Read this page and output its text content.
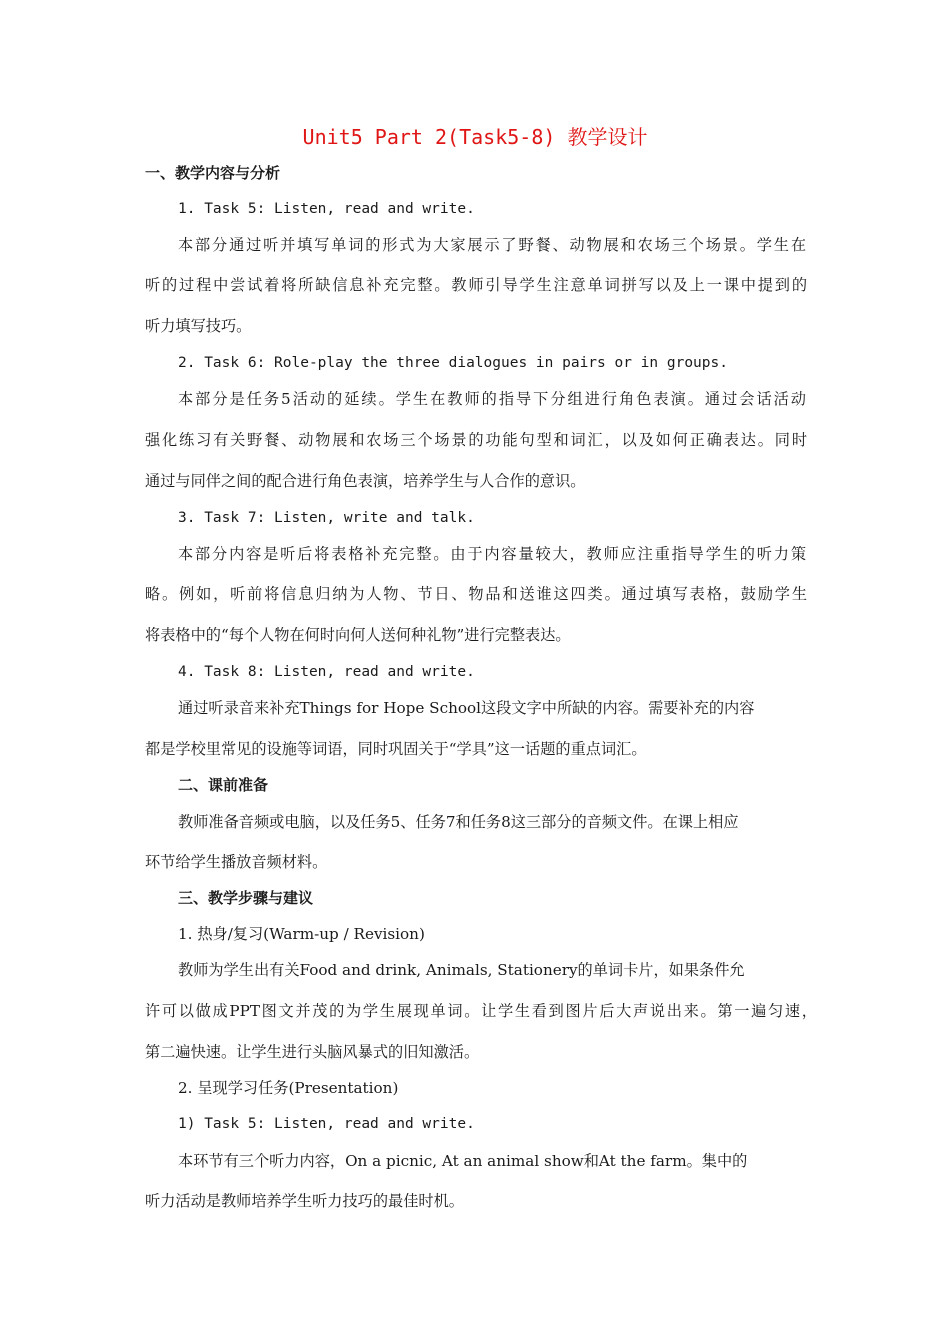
Unit5 Part 2(Task5-8) 教学设计
一、教学内容与分析
1. Task 5: Listen, read and write.
本部分通过听并填写单词的形式为大家展示了野餐、动物展和农场三个场景。学生在
听的过程中尝试着将所缺信息补充完整。教师引导学生注意单词拼写以及上一课中提到的
听力填写技巧。
2. Task 6: Role-play the three dialogues in pairs or in groups.
本部分是任务5活动的延续。学生在教师的指导下分组进行角色表演。通过会话活动
强化练习有关野餐、动物展和农场三个场景的功能句型和词汇，以及如何正确表达。同时
通过与同伴之间的配合进行角色表演，培养学生与人合作的意识。
3. Task 7: Listen, write and talk.
本部分内容是听后将表格补充完整。由于内容量较大，教师应注重指导学生的听力策
略。例如，听前将信息归纳为人物、节日、物品和送谁这四类。通过填写表格，鼓励学生
将表格中的“每个人物在何时向何人送何种礼物”进行完整表达。
4. Task 8: Listen, read and write.
通过听录音来补充Things for Hope School这段文字中所缺的内容。需要补充的内容
都是学校里常见的设施等词语，同时巩固关于“学具”这一话题的重点词汇。
二、课前准备
教师准备音频或电脑，以及任务5、任务7和任务8这三部分的音频文件。在课上相应
环节给学生播放音频材料。
三、教学步骤与建议
1. 热身/复习(Warm-up / Revision)
教师为学生出有关Food and drink, Animals, Stationery的单词卡片，如果条件允
许可以做成PPT图文并茂的为学生展现单词。让学生看到图片后大声说出来。第一遍匀速，
第二遍快速。让学生进行头脑风暴式的旧知激活。
2. 呈现学习任务(Presentation)
1) Task 5: Listen, read and write.
本环节有三个听力内容，On a picnic, At an animal show和At the farm。集中的
听力活动是教师培养学生听力技巧的最佳时机。
